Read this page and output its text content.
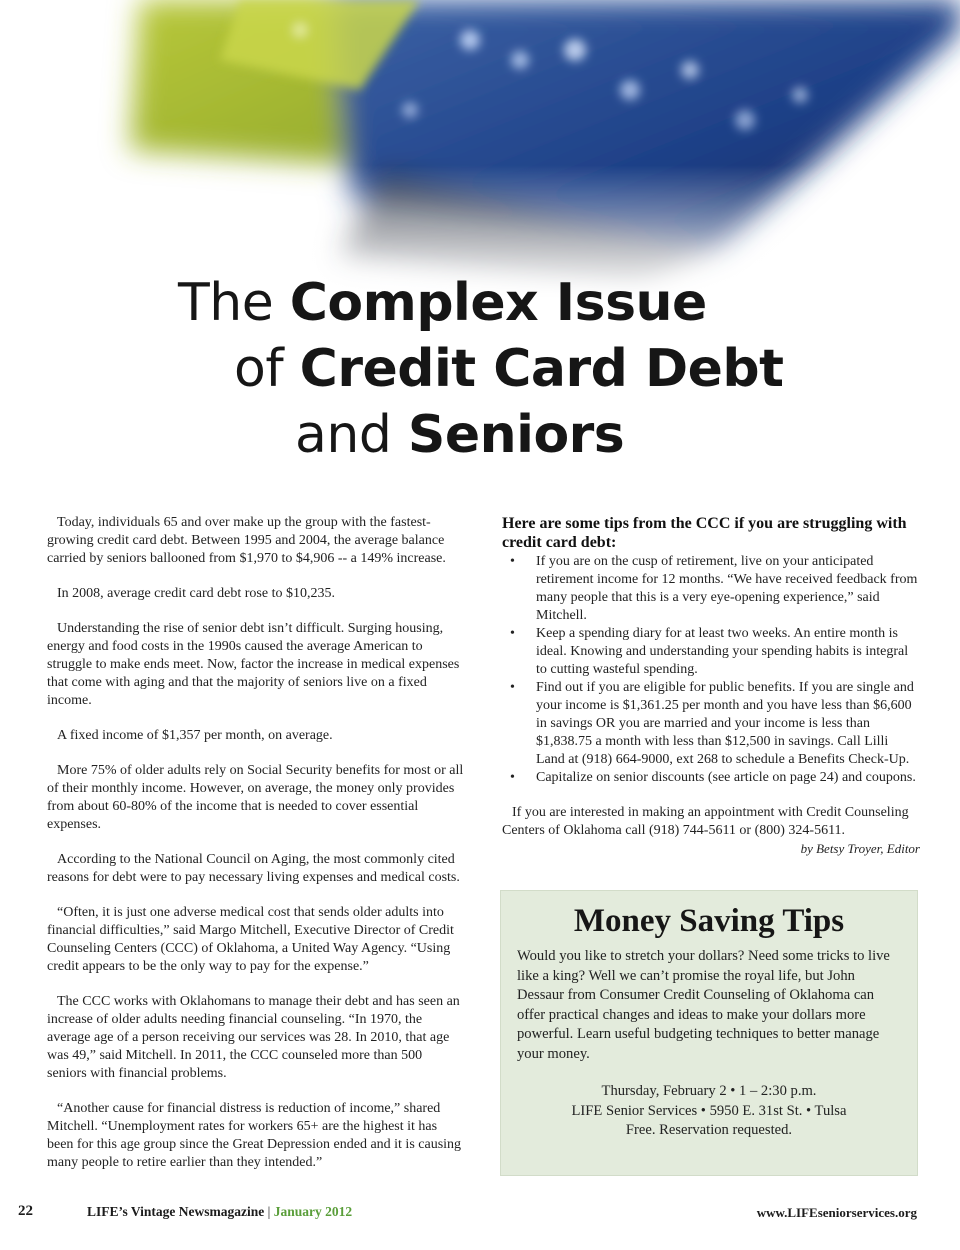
The Complex Issue
of Credit Card Debt
and Seniors

Today, individuals 65 and over make up the group with the fastest-growing credit card debt. Between 1995 and 2004, the average balance carried by seniors ballooned from $1,970 to $4,906 -- a 149% increase.

In 2008, average credit card debt rose to $10,235.

Understanding the rise of senior debt isn’t difficult. Surging housing, energy and food costs in the 1990s caused the average American to struggle to make ends meet. Now, factor the increase in medical expenses that come with aging and that the majority of seniors live on a fixed income.

A fixed income of $1,357 per month, on average.

More 75% of older adults rely on Social Security benefits for most or all of their monthly income. However, on average, the money only provides from about 60-80% of the income that is needed to cover essential expenses.

According to the National Council on Aging, the most commonly cited reasons for debt were to pay necessary living expenses and medical costs.

“Often, it is just one adverse medical cost that sends older adults into financial difficulties,” said Margo Mitchell, Executive Director of Credit Counseling Centers (CCC) of Oklahoma, a United Way Agency. “Using credit appears to be the only way to pay for the expense.”

The CCC works with Oklahomans to manage their debt and has seen an increase of older adults needing financial counseling. “In 1970, the average age of a person receiving our services was 28. In 2010, that age was 49,” said Mitchell. In 2011, the CCC counseled more than 500 seniors with financial problems.

“Another cause for financial distress is reduction of income,” shared Mitchell. “Unemployment rates for workers 65+ are the highest it has been for this age group since the Great Depression ended and it is causing many people to retire earlier than they intended.”

Here are some tips from the CCC if you are struggling with credit card debt:
• If you are on the cusp of retirement, live on your anticipated retirement income for 12 months. “We have received feedback from many people that this is a very eye-opening experience,” said Mitchell.
• Keep a spending diary for at least two weeks. An entire month is ideal. Knowing and understanding your spending habits is integral to cutting wasteful spending.
• Find out if you are eligible for public benefits. If you are single and your income is $1,361.25 per month and you have less than $6,600 in savings OR you are married and your income is less than $1,838.75 a month with less than $12,500 in savings. Call Lilli Land at (918) 664-9000, ext 268 to schedule a Benefits Check-Up.
• Capitalize on senior discounts (see article on page 24) and coupons.

If you are interested in making an appointment with Credit Counseling Centers of Oklahoma call (918) 744-5611 or (800) 324-5611.

by Betsy Troyer, Editor

Money Saving Tips

Would you like to stretch your dollars? Need some tricks to live like a king? Well we can’t promise the royal life, but John Dessaur from Consumer Credit Counseling of Oklahoma can offer practical changes and ideas to make your dollars more powerful. Learn useful budgeting techniques to better manage your money.

Thursday, February 2 • 1 – 2:30 p.m.
LIFE Senior Services • 5950 E. 31st St. • Tulsa
Free. Reservation requested.
22	LIFE’s Vintage Newsmagazine | January 2012	www.LIFEseniorservices.org
